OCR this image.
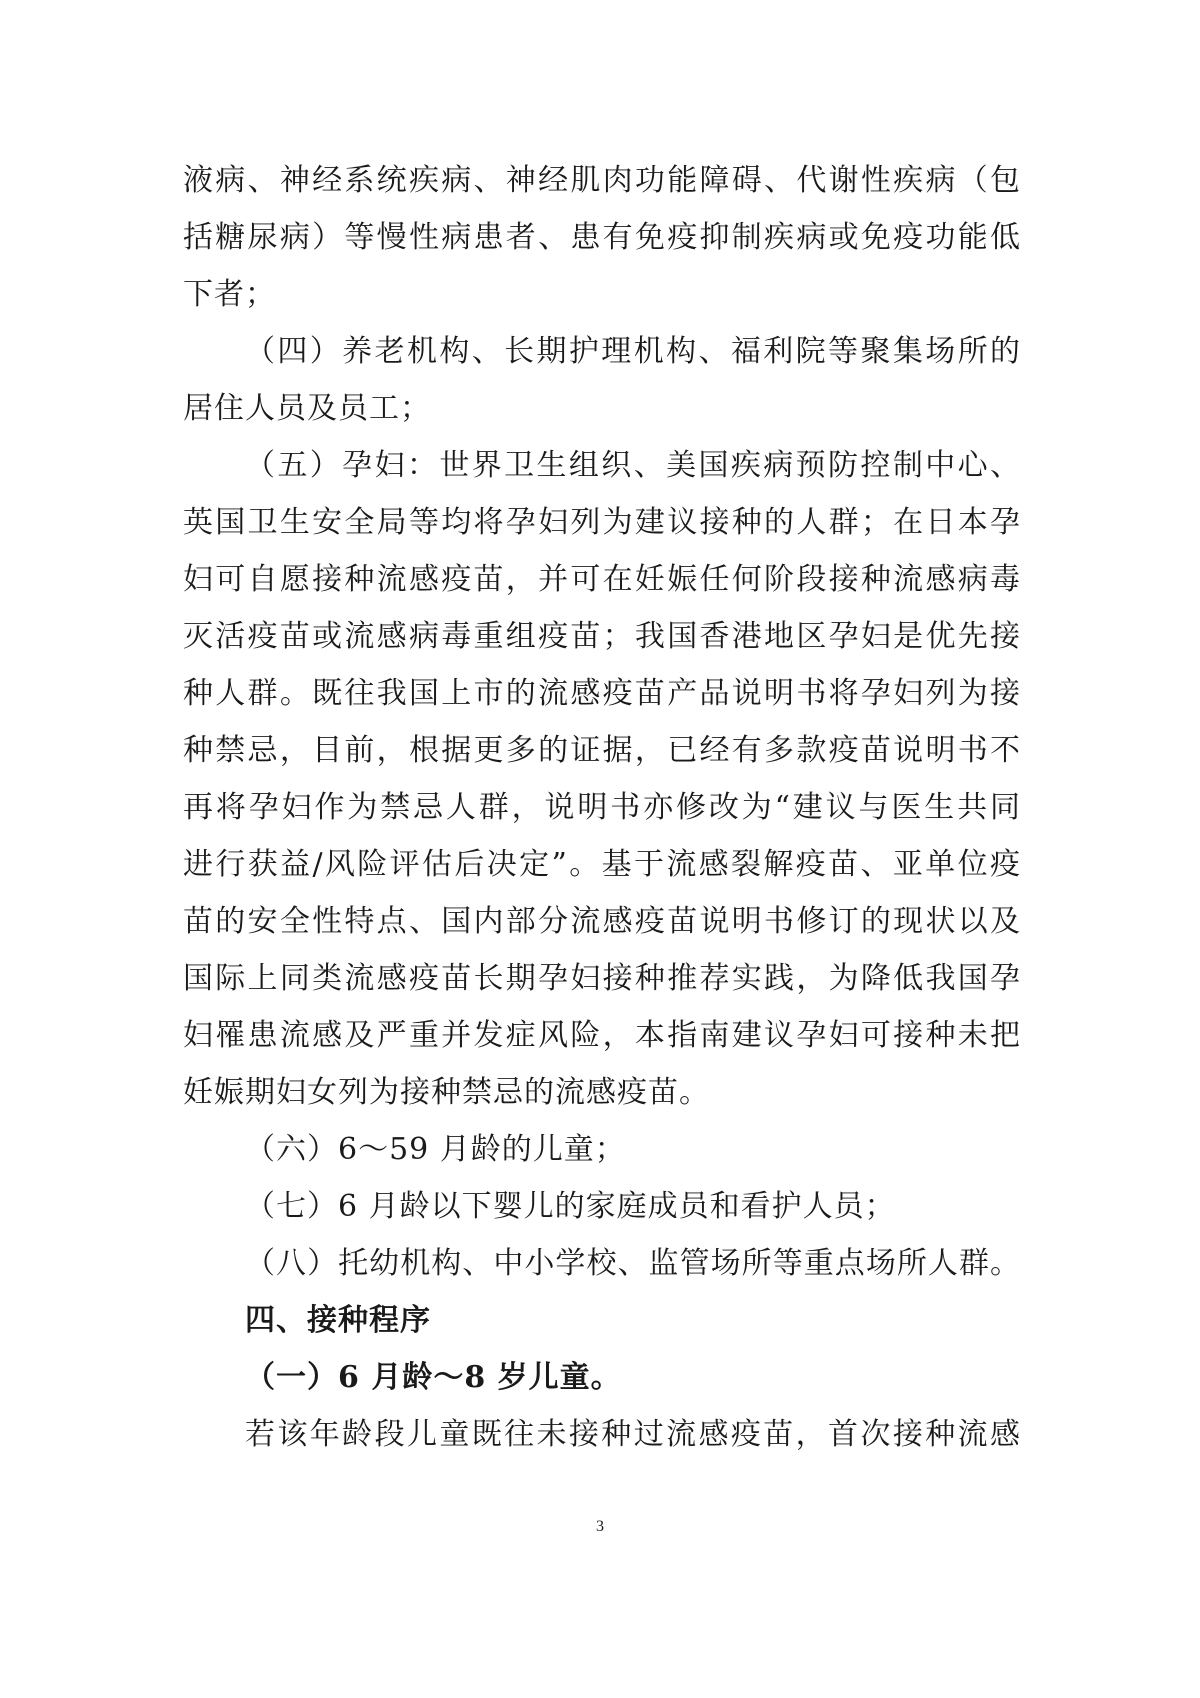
液病、神经系统疾病、神经肌肉功能障碍、代谢性疾病（包
括糖尿病）等慢性病患者、患有免疫抑制疾病或免疫功能低
下者；
（四）养老机构、长期护理机构、福利院等聚集场所的
居住人员及员工；
（五）孕妇：世界卫生组织、美国疾病预防控制中心、
英国卫生安全局等均将孕妇列为建议接种的人群；在日本孕
妇可自愿接种流感疫苗，并可在妊娠任何阶段接种流感病毒
灭活疫苗或流感病毒重组疫苗；我国香港地区孕妇是优先接
种人群。既往我国上市的流感疫苗产品说明书将孕妇列为接
种禁忌，目前，根据更多的证据，已经有多款疫苗说明书不
再将孕妇作为禁忌人群，说明书亦修改为“建议与医生共同
进行获益/风险评估后决定”。基于流感裂解疫苗、亚单位疫
苗的安全性特点、国内部分流感疫苗说明书修订的现状以及
国际上同类流感疫苗长期孕妇接种推荐实践，为降低我国孕
妇罹患流感及严重并发症风险，本指南建议孕妇可接种未把
妊娠期妇女列为接种禁忌的流感疫苗。
（六）6～59 月龄的儿童；
（七）6 月龄以下婴儿的家庭成员和看护人员；
（八）托幼机构、中小学校、监管场所等重点场所人群。
四、接种程序
（一）6 月龄～8 岁儿童。
若该年龄段儿童既往未接种过流感疫苗，首次接种流感
3
